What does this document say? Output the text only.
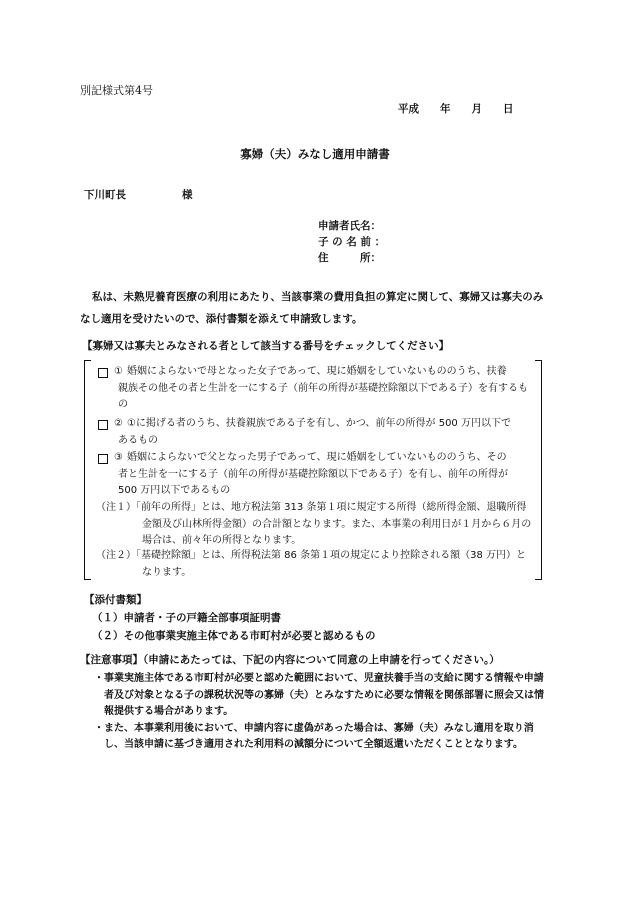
別記様式第4号
平成　　年　　月　　日
寡婦（夫）みなし適用申請書
下川町長	様
申請者氏名：
子 の 名 前 ：
住　　　所：
私は、未熟児養育医療の利用にあたり、当該事業の費用負担の算定に関して、寡婦又は寡夫のみなし適用を受けたいので、添付書類を添えて申請致します。
【寡婦又は寡夫とみなされる者として該当する番号をチェックしてください】
① 婚姻によらないで母となった女子であって、現に婚姻をしていないもののうち、扶養
親族その他その者と生計を一にする子（前年の所得が基礎控除額以下である子）を有するもの
② ①に掲げる者のうち、扶養親族である子を有し、かつ、前年の所得が 500 万円以下で
あるもの
③ 婚姻によらないで父となった男子であって、現に婚姻をしていないもののうち、その
者と生計を一にする子（前年の所得が基礎控除額以下である子）を有し、前年の所得が 500 万円以下であるもの
（注１）「前年の所得」とは、地方税法第 313 条第１項に規定する所得（総所得金額、退職所得
金額及び山林所得金額）の合計額となります。また、本事業の利用日が１月から６月の場合は、前々年の所得となります。
（注２）「基礎控除額」とは、所得税法第 86 条第１項の規定により控除される額（38 万円）と
なります。
【添付書類】
（１）申請者・子の戸籍全部事項証明書
（２）その他事業実施主体である市町村が必要と認めるもの
【注意事項】（申請にあたっては、下記の内容について同意の上申請を行ってください。）
・事業実施主体である市町村が必要と認めた範囲において、児童扶養手当の支給に関する情報や申請者及び対象となる子の課税状況等の寡婦（夫）とみなすために必要な情報を関係部署に照会又は情報提供する場合があります。
・また、本事業利用後において、申請内容に虚偽があった場合は、寡婦（夫）みなし適用を取り消し、当該申請に基づき適用された利用料の減額分について全額返還いただくこととなります。
